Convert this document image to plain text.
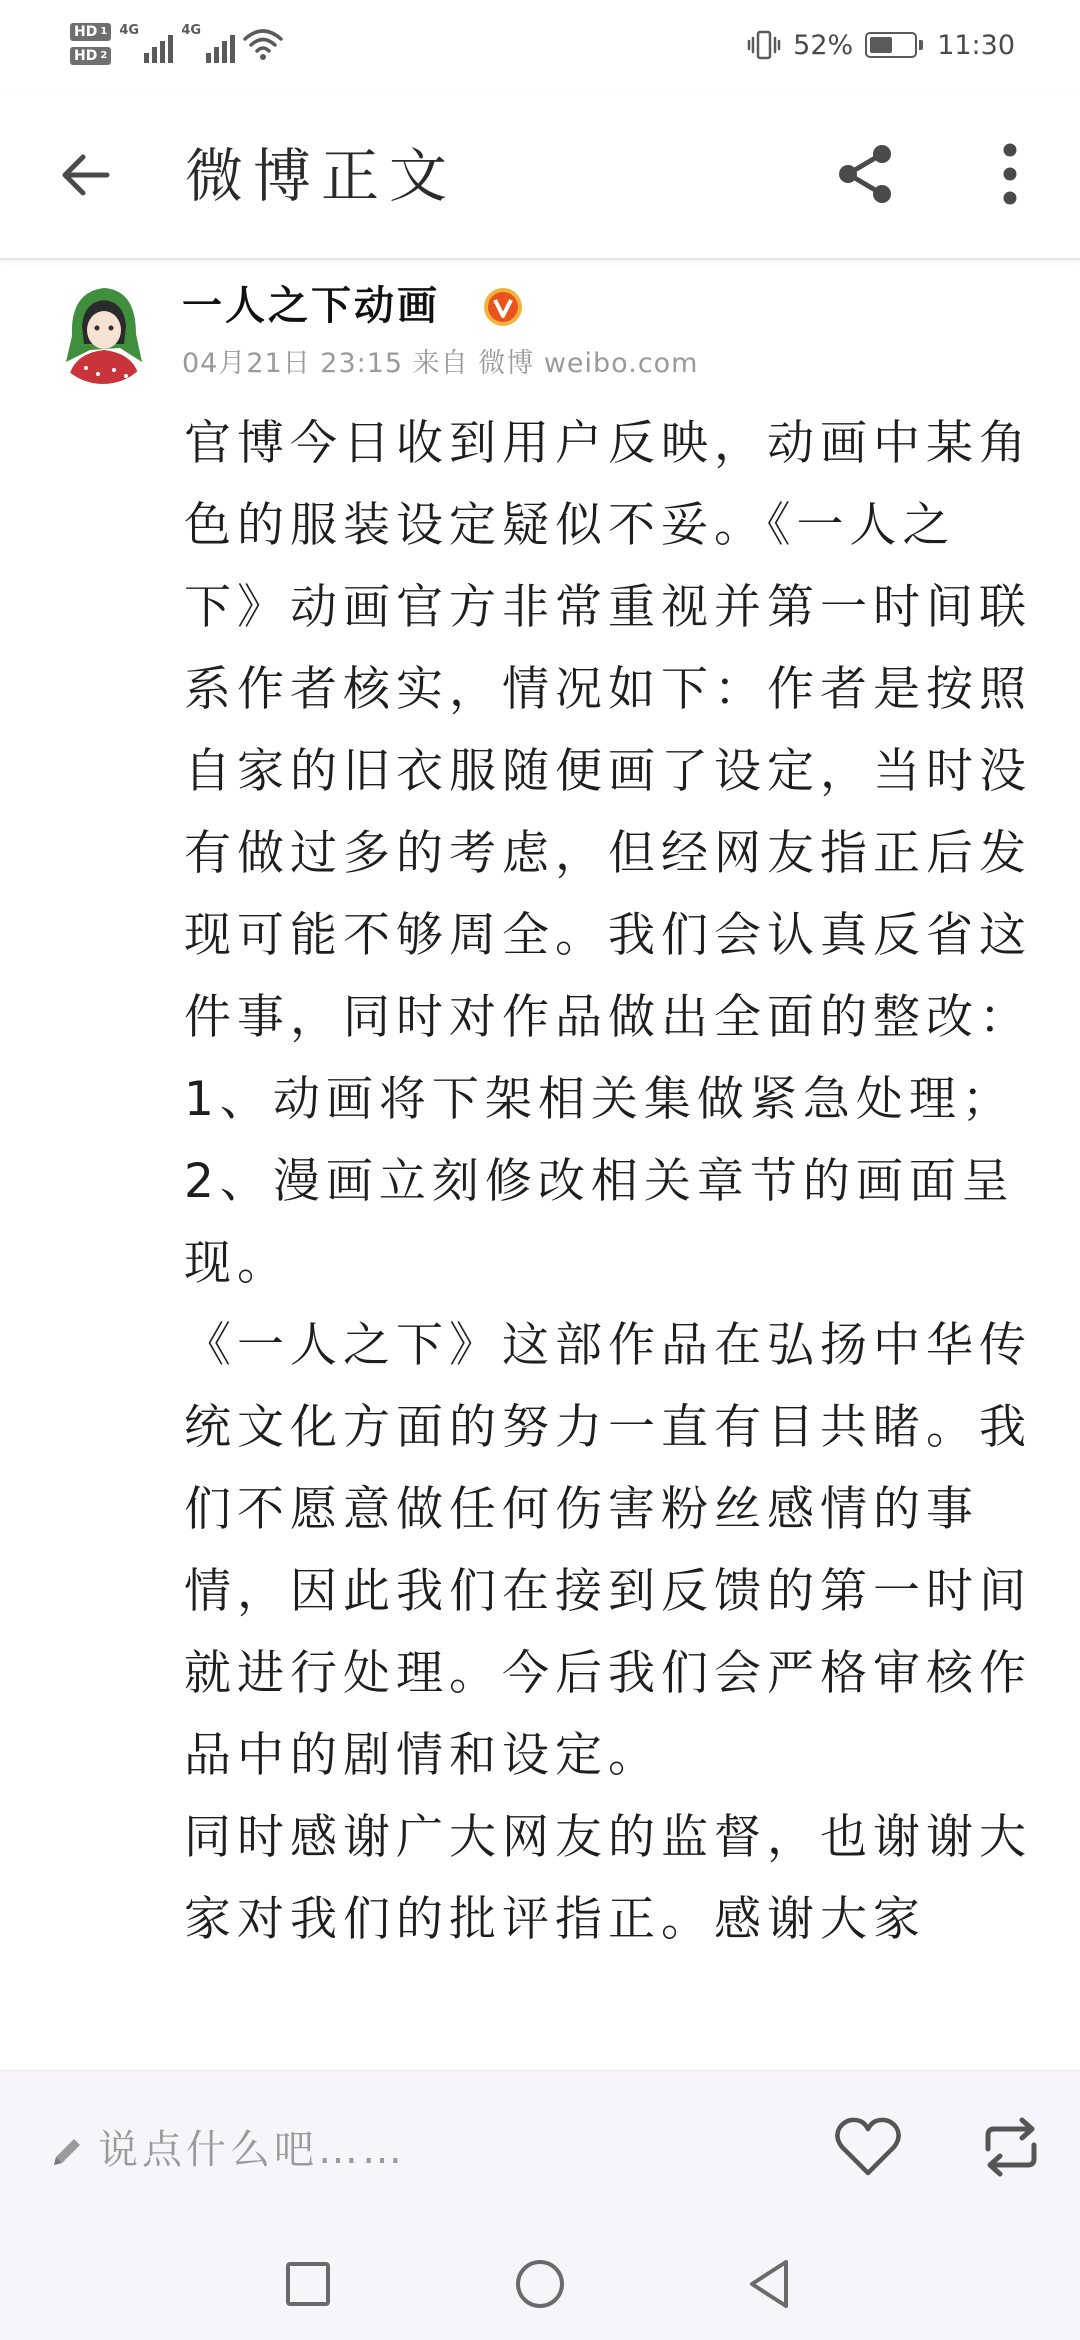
HD 1
HD 2
4G	4G	52%	11:30
微博正文
一人之下动画
04月21日 23:15 来自 微博 weibo.com

官博今日收到用户反映，动画中某角色的服装设定疑似不妥。《一人之下》动画官方非常重视并第一时间联系作者核实，情况如下：作者是按照自家的旧衣服随便画了设定，当时没有做过多的考虑，但经网友指正后发现可能不够周全。我们会认真反省这件事，同时对作品做出全面的整改：

1、动画将下架相关集做紧急处理；

2、漫画立刻修改相关章节的画面呈现。

《一人之下》这部作品在弘扬中华传统文化方面的努力一直有目共睹。我们不愿意做任何伤害粉丝感情的事情，因此我们在接到反馈的第一时间就进行处理。今后我们会严格审核作品中的剧情和设定。

同时感谢广大网友的监督，也谢谢大家对我们的批评指正。感谢大家

说点什么吧……
